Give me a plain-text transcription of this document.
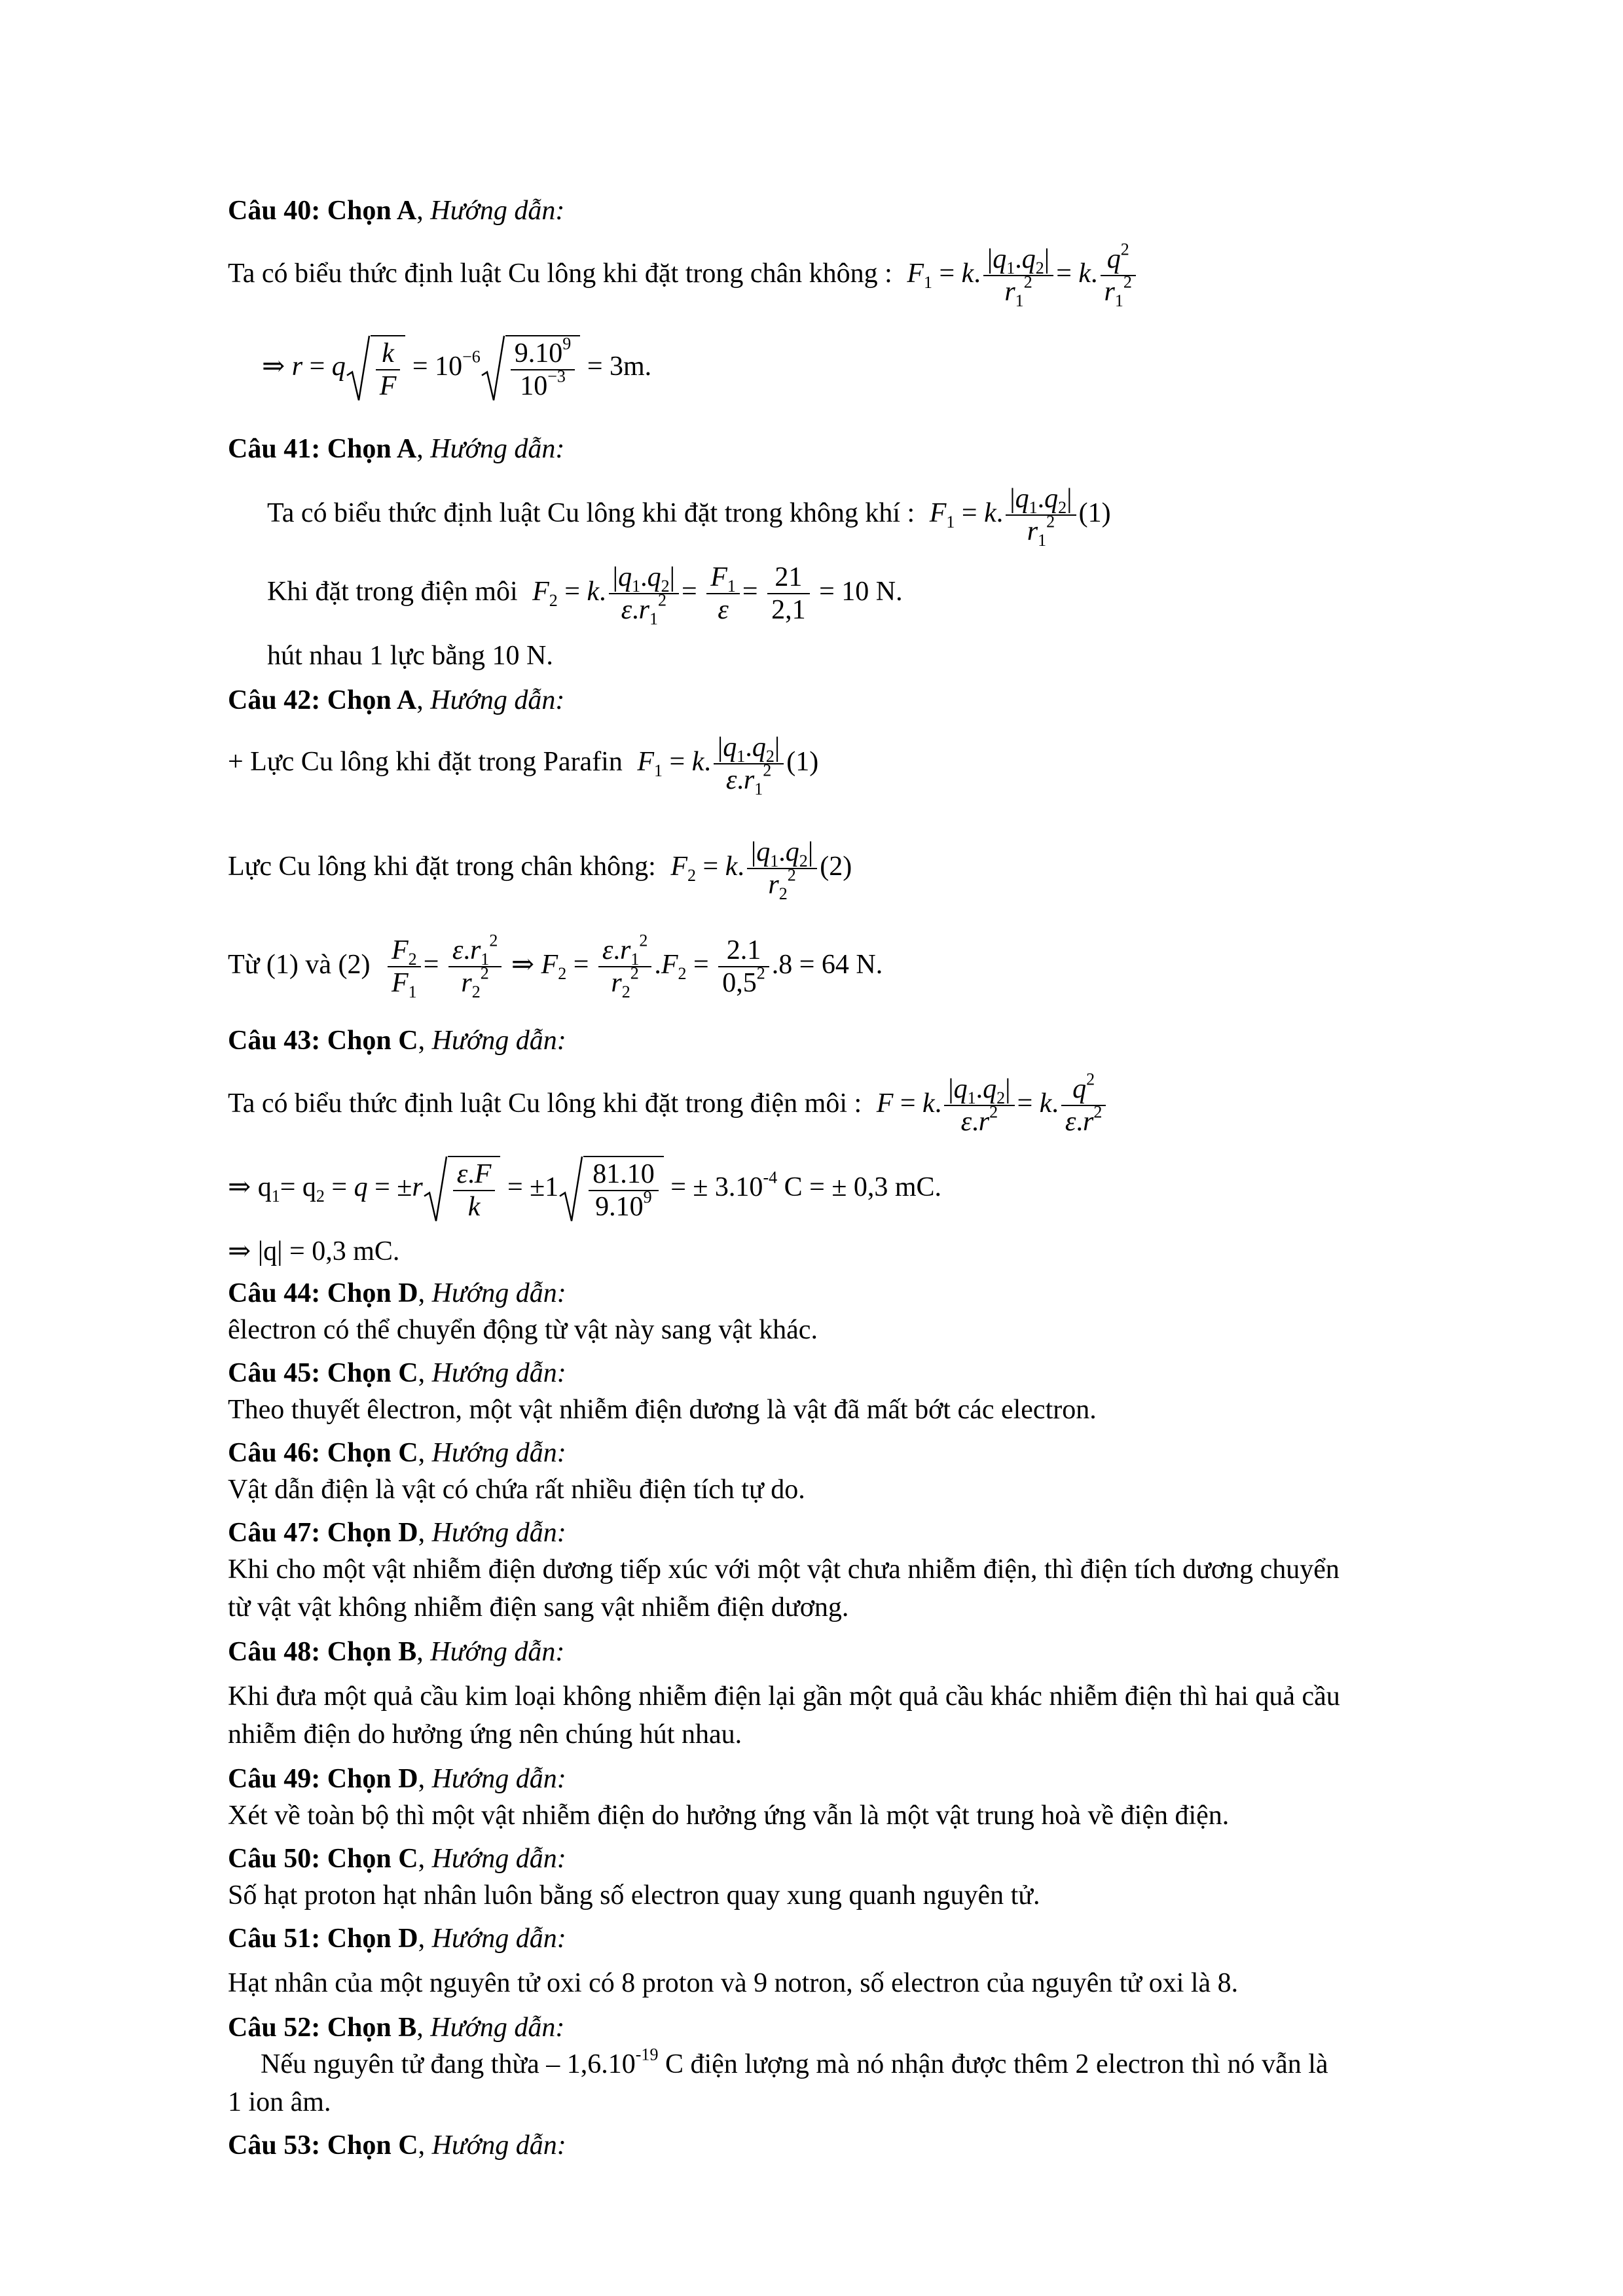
Câu 40: Chọn A, Hướng dẫn:
Ta có biểu thức định luật Cu lông khi đặt trong chân không : $F_1 = k$. $\frac{|q_1.q_2|}{r_1^2} = k$. $\frac{q^2}{r_1^2}$
⇒ r = q $\frac{k}{F} = 10^{-6} \frac{9.10^9}{10^{-3}} = 3m$.
Câu 41: Chọn A, Hướng dẫn:
Ta có biểu thức định luật Cu lông khi đặt trong không khí : $F_1 = k$. $\frac{|q_1.q_2|}{r_1^2} (1)$
Khi đặt trong điện môi $F_2 = k$. $\frac{|q_1.q_2|}{\varepsilon.r_1^2} = \frac{F_1}{\varepsilon} = \frac{21}{2,1} = 10$ N.
hút nhau 1 lực bằng 10 N.
Câu 42: Chọn A, Hướng dẫn:
+ Lực Cu lông khi đặt trong Parafin $F_1 = k$. $\frac{|q_1.q_2|}{\varepsilon.r_1^2} (1)$
Lực Cu lông khi đặt trong chân không: $F_2 = k$. $\frac{|q_1.q_2|}{r_2^2} (2)$
Từ (1) và $(2) \frac{F_2}{F_1} = \frac{\varepsilon.r_1^2}{r_2^2}$ ⇒ $F_2 = \frac{\varepsilon.r_1^2}{r_2^2} .F_2 = \frac{2.1}{0,5^2} .8 = 64$ N.
Câu 43: Chọn C, Hướng dẫn:
Ta có biểu thức định luật Cu lông khi đặt trong điện môi : F = k. $\frac{|q_1.q_2|}{\varepsilon.r^2} = k$. $\frac{q^2}{\varepsilon.r^2}$
⇒ $q_1= q_2 = q = \pm r \frac{\varepsilon.F}{k} = \pm 1 \frac{81.10}{9.10^9}$ = ± $3.10^{-4}$ C = ± 0,3 mC.
⇒ |q| = 0,3 mC.
Câu 44: Chọn D, Hướng dẫn:
êlectron có thể chuyển động từ vật này sang vật khác.
Câu 45: Chọn C, Hướng dẫn:
Theo thuyết êlectron, một vật nhiễm điện dương là vật đã mất bớt các electron.
Câu 46: Chọn C, Hướng dẫn:
Vật dẫn điện là vật có chứa rất nhiều điện tích tự do.
Câu 47: Chọn D, Hướng dẫn:
Khi cho một vật nhiễm điện dương tiếp xúc với một vật chưa nhiễm điện, thì điện tích dương chuyển
từ vật vật không nhiễm điện sang vật nhiễm điện dương.
Câu 48: Chọn B, Hướng dẫn:
Khi đưa một quả cầu kim loại không nhiễm điện lại gần một quả cầu khác nhiễm điện thì hai quả cầu
nhiễm điện do hưởng ứng nên chúng hút nhau.
Câu 49: Chọn D, Hướng dẫn:
Xét về toàn bộ thì một vật nhiễm điện do hưởng ứng vẫn là một vật trung hoà về điện điện.
Câu 50: Chọn C, Hướng dẫn:
Số hạt proton hạt nhân luôn bằng số electron quay xung quanh nguyên tử.
Câu 51: Chọn D, Hướng dẫn:
Hạt nhân của một nguyên tử oxi có 8 proton và 9 notron, số electron của nguyên tử oxi là 8.
Câu 52: Chọn B, Hướng dẫn:
Nếu nguyên tử đang thừa – $1,6.10^{-19}$ C điện lượng mà nó nhận được thêm 2 electron thì nó vẫn là
1 ion âm.
Câu 53: Chọn C, Hướng dẫn:
